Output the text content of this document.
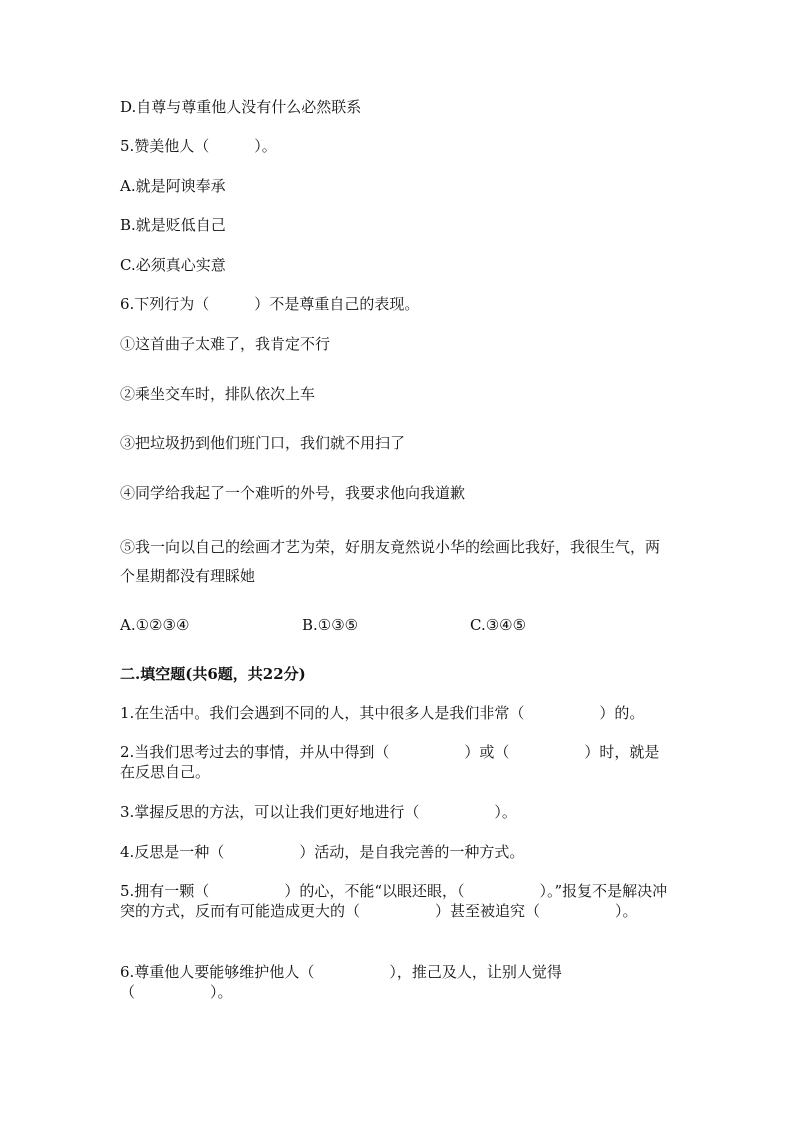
D.自尊与尊重他人没有什么必然联系
5.赞美他人（　　　）。
A.就是阿谀奉承
B.就是贬低自己
C.必须真心实意
6.下列行为（　　　）不是尊重自己的表现。
①这首曲子太难了，我肯定不行
②乘坐交车时，排队依次上车
③把垃圾扔到他们班门口，我们就不用扫了
④同学给我起了一个难听的外号，我要求他向我道歉
⑤我一向以自己的绘画才艺为荣，好朋友竟然说小华的绘画比我好，我很生气，两个星期都没有理睬她
A.①②③④	B.①③⑤	C.③④⑤
二.填空题(共6题，共22分)
1.在生活中。我们会遇到不同的人，其中很多人是我们非常（　　　　　）的。
2.当我们思考过去的事情，并从中得到（　　　　　）或（　　　　　）时，就是在反思自己。
3.掌握反思的方法，可以让我们更好地进行（　　　　　）。
4.反思是一种（　　　　　）活动，是自我完善的一种方式。
5.拥有一颗（　　　　　）的心，不能“以眼还眼，（　　　　　）。”报复不是解决冲突的方式，反而有可能造成更大的（　　　　　）甚至被追究（　　　　　）。
6.尊重他人要能够维护他人（　　　　　），推己及人，让别人觉得（　　　　　）。
